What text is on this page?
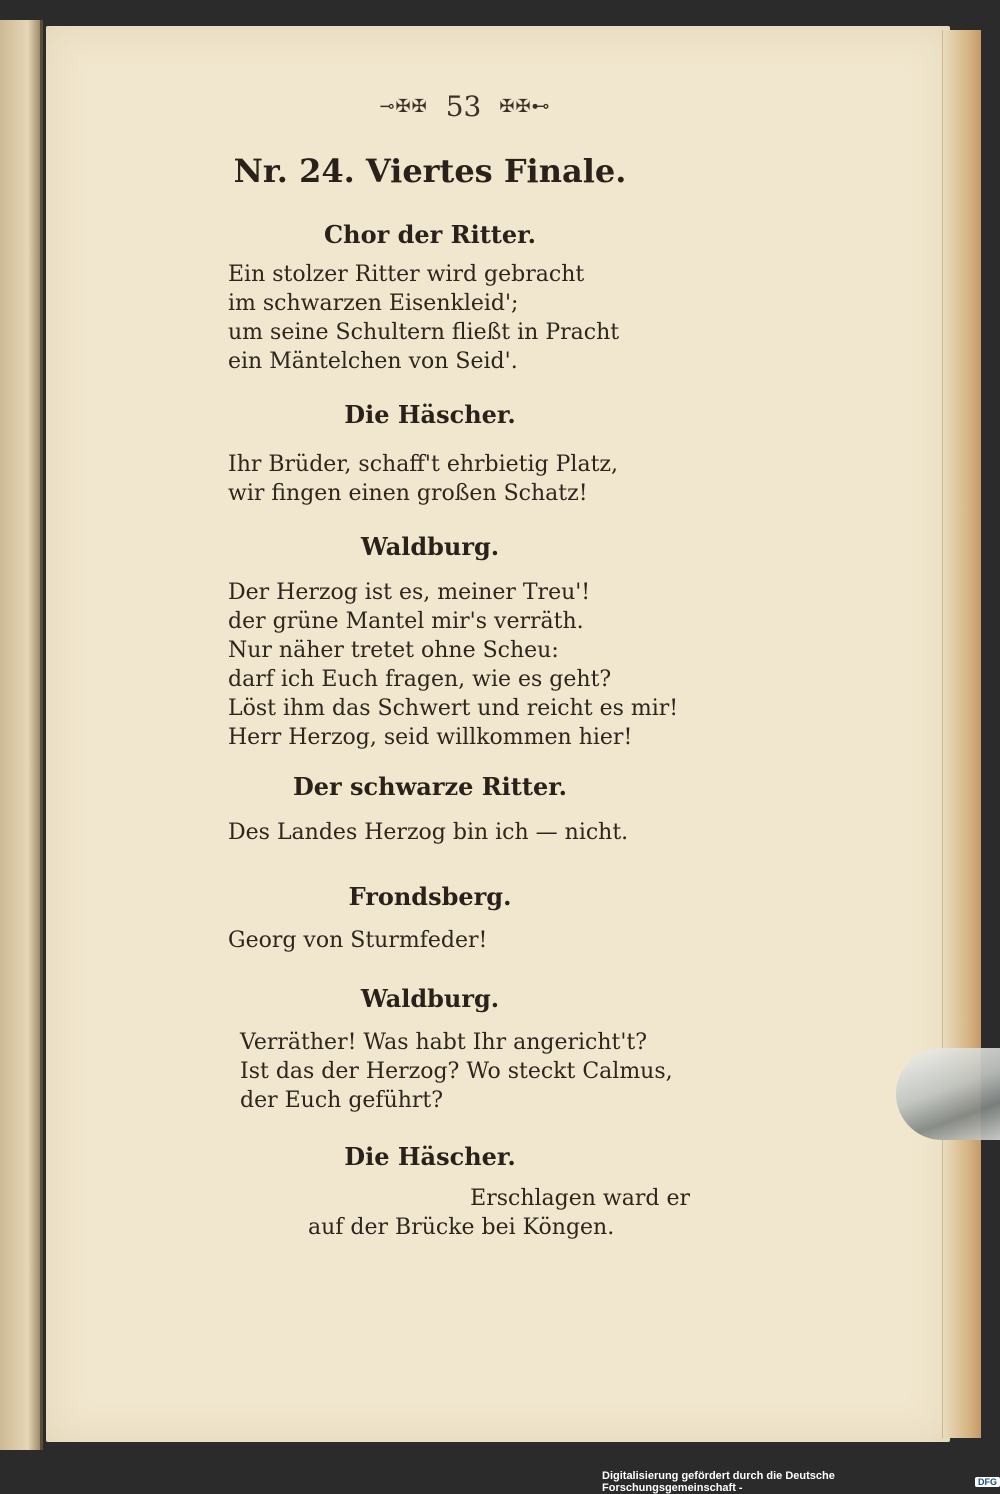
⊸✠✠ 53 ✠✠⊷
Nr. 24. Viertes Finale.
Chor der Ritter.
Ein stolzer Ritter wird gebracht
im schwarzen Eisenkleid';
um seine Schultern fließt in Pracht
ein Mäntelchen von Seid'.
Die Häscher.
Ihr Brüder, schaff't ehrbietig Platz,
wir fingen einen großen Schatz!
Waldburg.
Der Herzog ist es, meiner Treu'!
der grüne Mantel mir's verräth.
Nur näher tretet ohne Scheu:
darf ich Euch fragen, wie es geht?
Löst ihm das Schwert und reicht es mir!
Herr Herzog, seid willkommen hier!
Der schwarze Ritter.
Des Landes Herzog bin ich — nicht.
Frondsberg.
Georg von Sturmfeder!
Waldburg.
Verräther! Was habt Ihr angericht't?
Ist das der Herzog? Wo steckt Calmus,
der Euch geführt?
Die Häscher.
Erschlagen ward er
auf der Brücke bei Köngen.
Digitalisierung gefördert durch die Deutsche Forschungsgemeinschaft -	DFG
